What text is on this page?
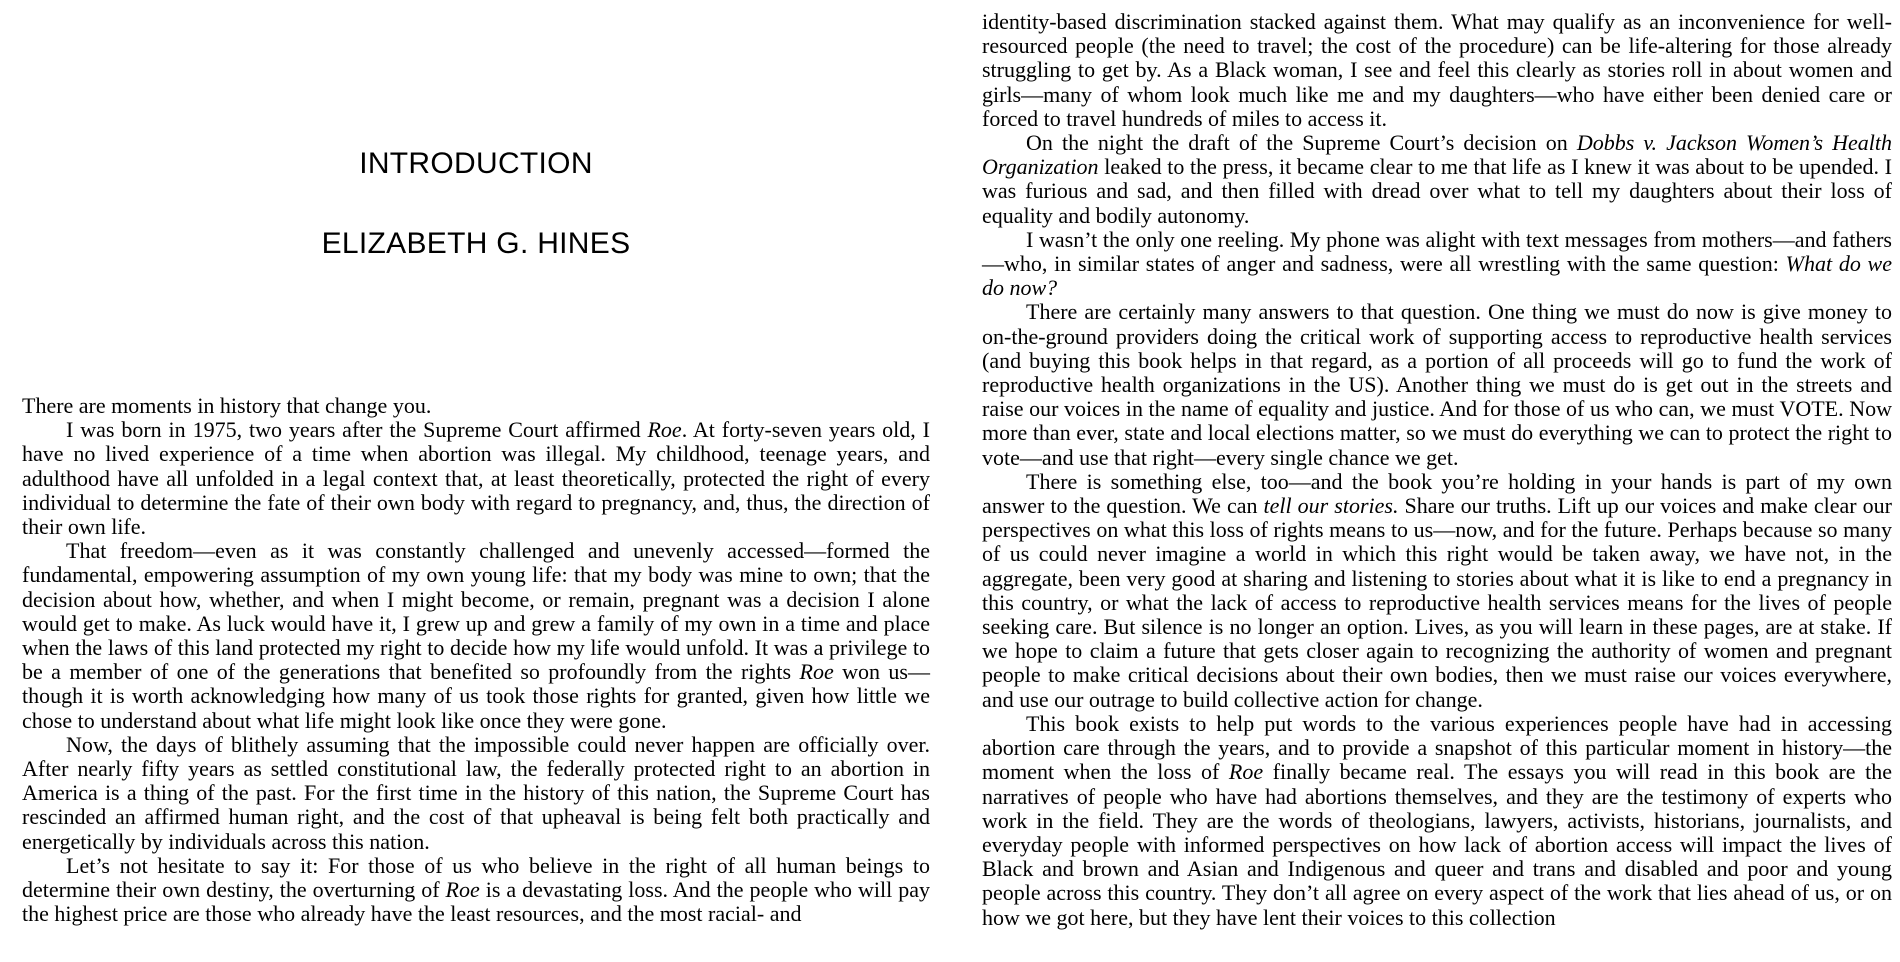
INTRODUCTION
ELIZABETH G. HINES

There are moments in history that change you.

I was born in 1975, two years after the Supreme Court affirmed Roe. At forty-seven years old, I have no lived experience of a time when abortion was illegal. My childhood, teenage years, and adulthood have all unfolded in a legal context that, at least theoretically, protected the right of every individual to determine the fate of their own body with regard to pregnancy, and, thus, the direction of their own life.

That freedom—even as it was constantly challenged and unevenly accessed—formed the fundamental, empowering assumption of my own young life: that my body was mine to own; that the decision about how, whether, and when I might become, or remain, pregnant was a decision I alone would get to make. As luck would have it, I grew up and grew a family of my own in a time and place when the laws of this land protected my right to decide how my life would unfold. It was a privilege to be a member of one of the generations that benefited so profoundly from the rights Roe won us—though it is worth acknowledging how many of us took those rights for granted, given how little we chose to understand about what life might look like once they were gone.

Now, the days of blithely assuming that the impossible could never happen are officially over. After nearly fifty years as settled constitutional law, the federally protected right to an abortion in America is a thing of the past. For the first time in the history of this nation, the Supreme Court has rescinded an affirmed human right, and the cost of that upheaval is being felt both practically and energetically by individuals across this nation.

Let’s not hesitate to say it: For those of us who believe in the right of all human beings to determine their own destiny, the overturning of Roe is a devastating loss. And the people who will pay the highest price are those who already have the least resources, and the most racial- and

identity-based discrimination stacked against them. What may qualify as an inconvenience for well-resourced people (the need to travel; the cost of the procedure) can be life-altering for those already struggling to get by. As a Black woman, I see and feel this clearly as stories roll in about women and girls—many of whom look much like me and my daughters—who have either been denied care or forced to travel hundreds of miles to access it.

On the night the draft of the Supreme Court’s decision on Dobbs v. Jackson Women’s Health Organization leaked to the press, it became clear to me that life as I knew it was about to be upended. I was furious and sad, and then filled with dread over what to tell my daughters about their loss of equality and bodily autonomy.

I wasn’t the only one reeling. My phone was alight with text messages from mothers—and fathers—who, in similar states of anger and sadness, were all wrestling with the same question: What do we do now?

There are certainly many answers to that question. One thing we must do now is give money to on-the-ground providers doing the critical work of supporting access to reproductive health services (and buying this book helps in that regard, as a portion of all proceeds will go to fund the work of reproductive health organizations in the US). Another thing we must do is get out in the streets and raise our voices in the name of equality and justice. And for those of us who can, we must VOTE. Now more than ever, state and local elections matter, so we must do everything we can to protect the right to vote—and use that right—every single chance we get.

There is something else, too—and the book you’re holding in your hands is part of my own answer to the question. We can tell our stories. Share our truths. Lift up our voices and make clear our perspectives on what this loss of rights means to us—now, and for the future. Perhaps because so many of us could never imagine a world in which this right would be taken away, we have not, in the aggregate, been very good at sharing and listening to stories about what it is like to end a pregnancy in this country, or what the lack of access to reproductive health services means for the lives of people seeking care. But silence is no longer an option. Lives, as you will learn in these pages, are at stake. If we hope to claim a future that gets closer again to recognizing the authority of women and pregnant people to make critical decisions about their own bodies, then we must raise our voices everywhere, and use our outrage to build collective action for change.

This book exists to help put words to the various experiences people have had in accessing abortion care through the years, and to provide a snapshot of this particular moment in history—the moment when the loss of Roe finally became real. The essays you will read in this book are the narratives of people who have had abortions themselves, and they are the testimony of experts who work in the field. They are the words of theologians, lawyers, activists, historians, journalists, and everyday people with informed perspectives on how lack of abortion access will impact the lives of Black and brown and Asian and Indigenous and queer and trans and disabled and poor and young people across this country. They don’t all agree on every aspect of the work that lies ahead of us, or on how we got here, but they have lent their voices to this collection
